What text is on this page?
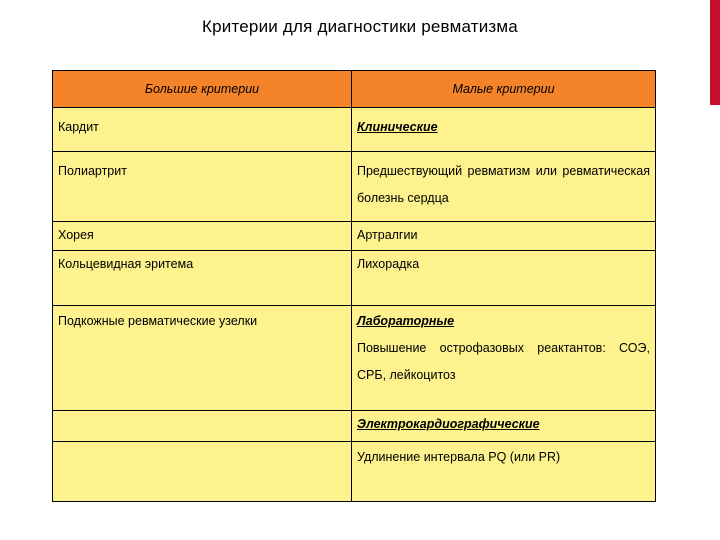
Критерии для диагностики ревматизма
Большие критерии	Малые критерии

Кардит	Клинические

Полиартрит	Предшествующий ревматизм или ревматическая болезнь сердца

Хорея	Артралгии

Кольцевидная эритема	Лихорадка

Подкожные ревматические узелки	Лабораторные
Повышение острофазовых реактантов: СОЭ, СРБ, лейкоцитоз

	Электрокардиографические

	Удлинение интервала PQ (или PR)
